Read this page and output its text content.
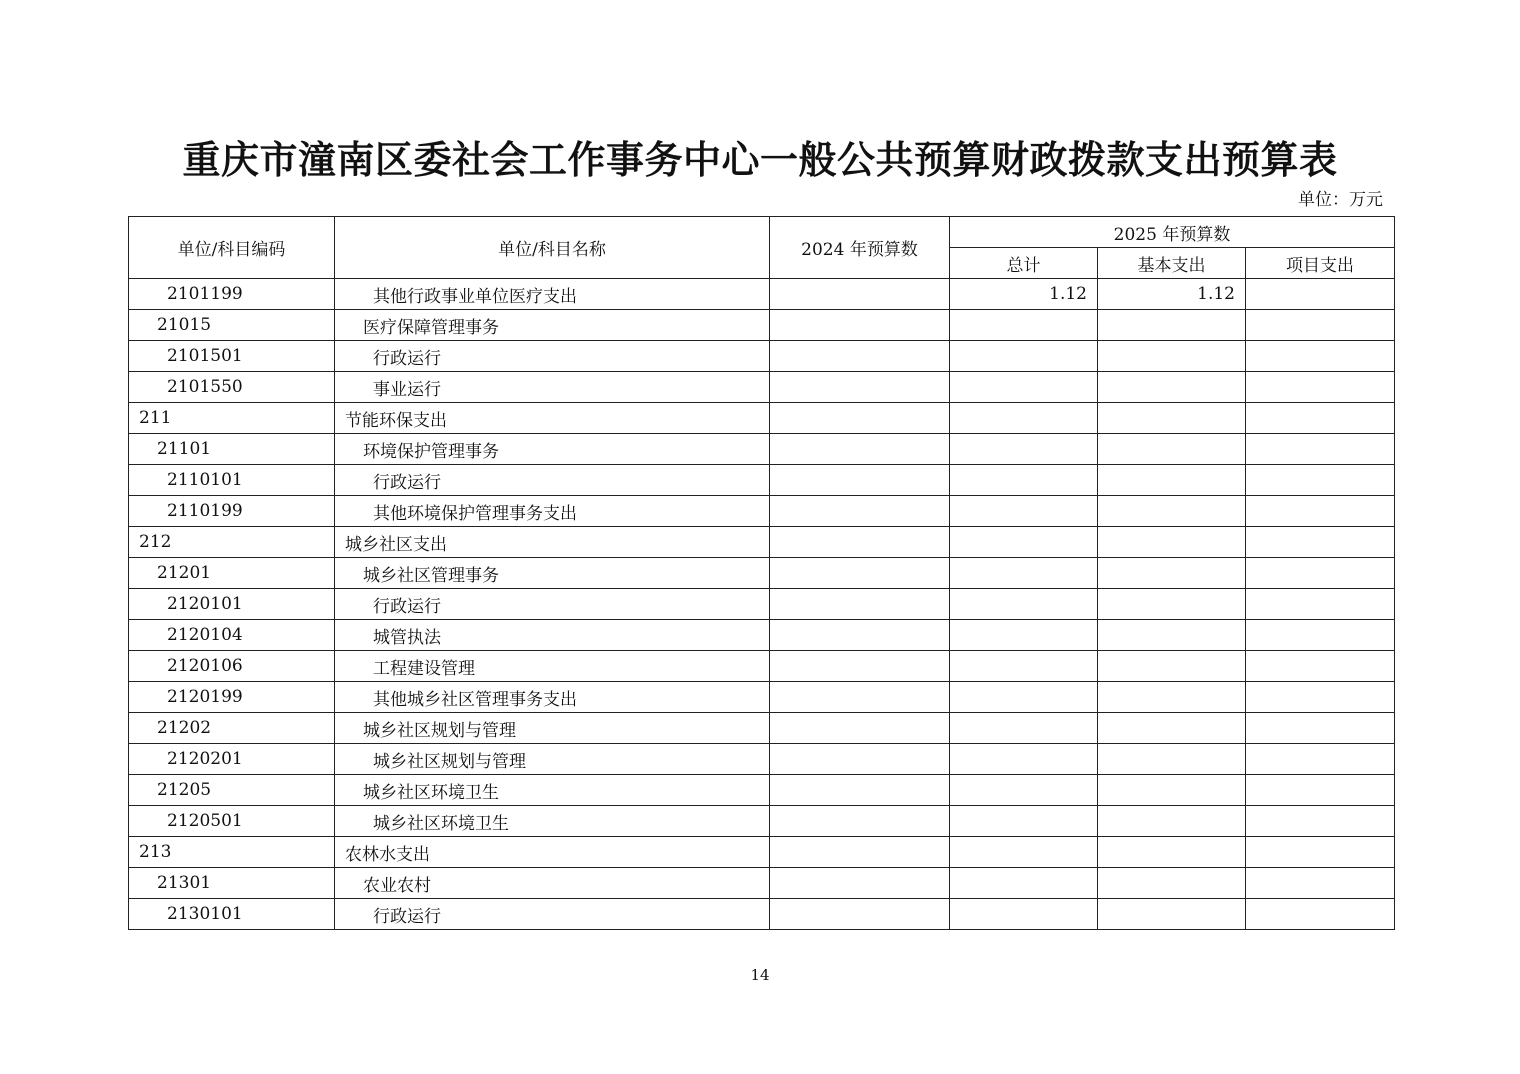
重庆市潼南区委社会工作事务中心一般公共预算财政拨款支出预算表
单位：万元
单位/科目编码	单位/科目名称	2024 年预算数	2025 年预算数		
			总计	基本支出	项目支出
2101199	其他行政事业单位医疗支出		1.12	1.12	
21015	医疗保障管理事务				
2101501	行政运行				
2101550	事业运行				
211	节能环保支出				
21101	环境保护管理事务				
2110101	行政运行				
2110199	其他环境保护管理事务支出				
212	城乡社区支出				
21201	城乡社区管理事务				
2120101	行政运行				
2120104	城管执法				
2120106	工程建设管理				
2120199	其他城乡社区管理事务支出				
21202	城乡社区规划与管理				
2120201	城乡社区规划与管理				
21205	城乡社区环境卫生				
2120501	城乡社区环境卫生				
213	农林水支出				
21301	农业农村				
2130101	行政运行				
14
